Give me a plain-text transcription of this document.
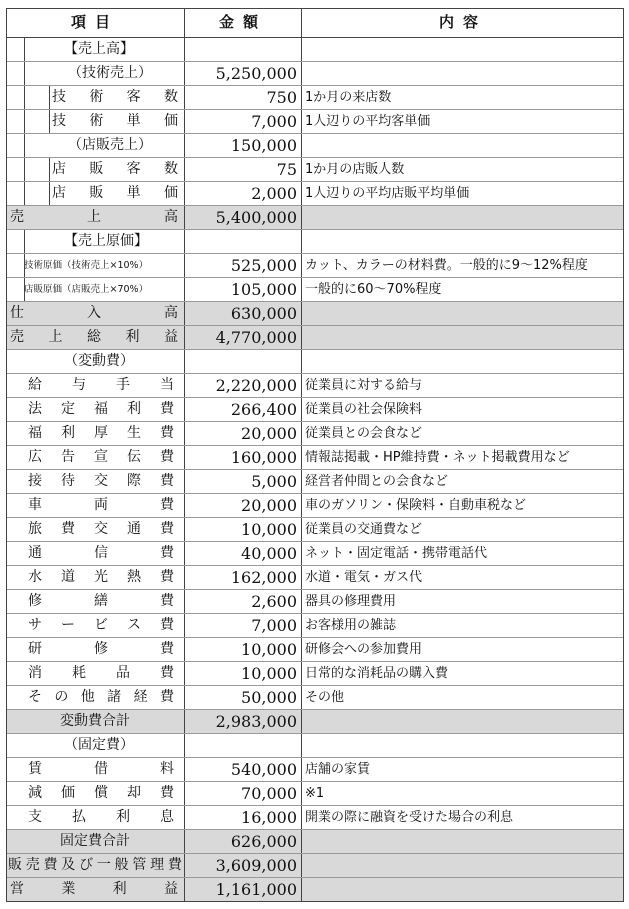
項目	金額	内容
【売上高】
（技術売上）	5,250,000
技 術 客 数	750 1か月の来店数
技 術 単 価	7,000 1人辺りの平均客単価
（店販売上）	150,000
店 販 客 数	75 1か月の店販人数
店 販 単 価	2,000 1人辺りの平均店販平均単価
売	上	高	5,400,000
【売上原価】
技術原価（技術売上×10%）	525,000 カット、カラーの材料費。一般的に9～12%程度
店販原価（店販売上×70%）	105,000 一般的に60～70%程度
仕	入	高	630,000
売 上 総 利 益	4,770,000
（変動費）
給 与 手 当	2,220,000 従業員に対する給与
法 定 福 利 費	266,400 従業員の社会保険料
福 利 厚 生 費	20,000 従業員との会食など
広 告 宣 伝 費	160,000 情報誌掲載・HP維持費・ネット掲載費用など
接 待 交 際 費	5,000 経営者仲間との会食など
車	両	費	20,000 車のガソリン・保険料・自動車税など
旅 費 交 通 費	10,000 従業員の交通費など
通	信	費	40,000 ネット・固定電話・携帯電話代
水 道 光 熱 費	162,000 水道・電気・ガス代
修	繕	費	2,600 器具の修理費用
サ ー ビ ス 費	7,000 お客様用の雑誌
研	修	費	10,000 研修会への参加費用
消 耗 品 費	10,000 日常的な消耗品の購入費
そ の 他 諸 経 費	50,000 その他
変動費合計	2,983,000
（固定費）
賃	借	料	540,000 店舗の家賃
減 価 償 却 費	70,000 ※1
支 払 利 息	16,000 開業の際に融資を受けた場合の利息
固定費合計	626,000
販 売 費 及 び 一 般 管 理 費	3,609,000
営	業	利	益	1,161,000
